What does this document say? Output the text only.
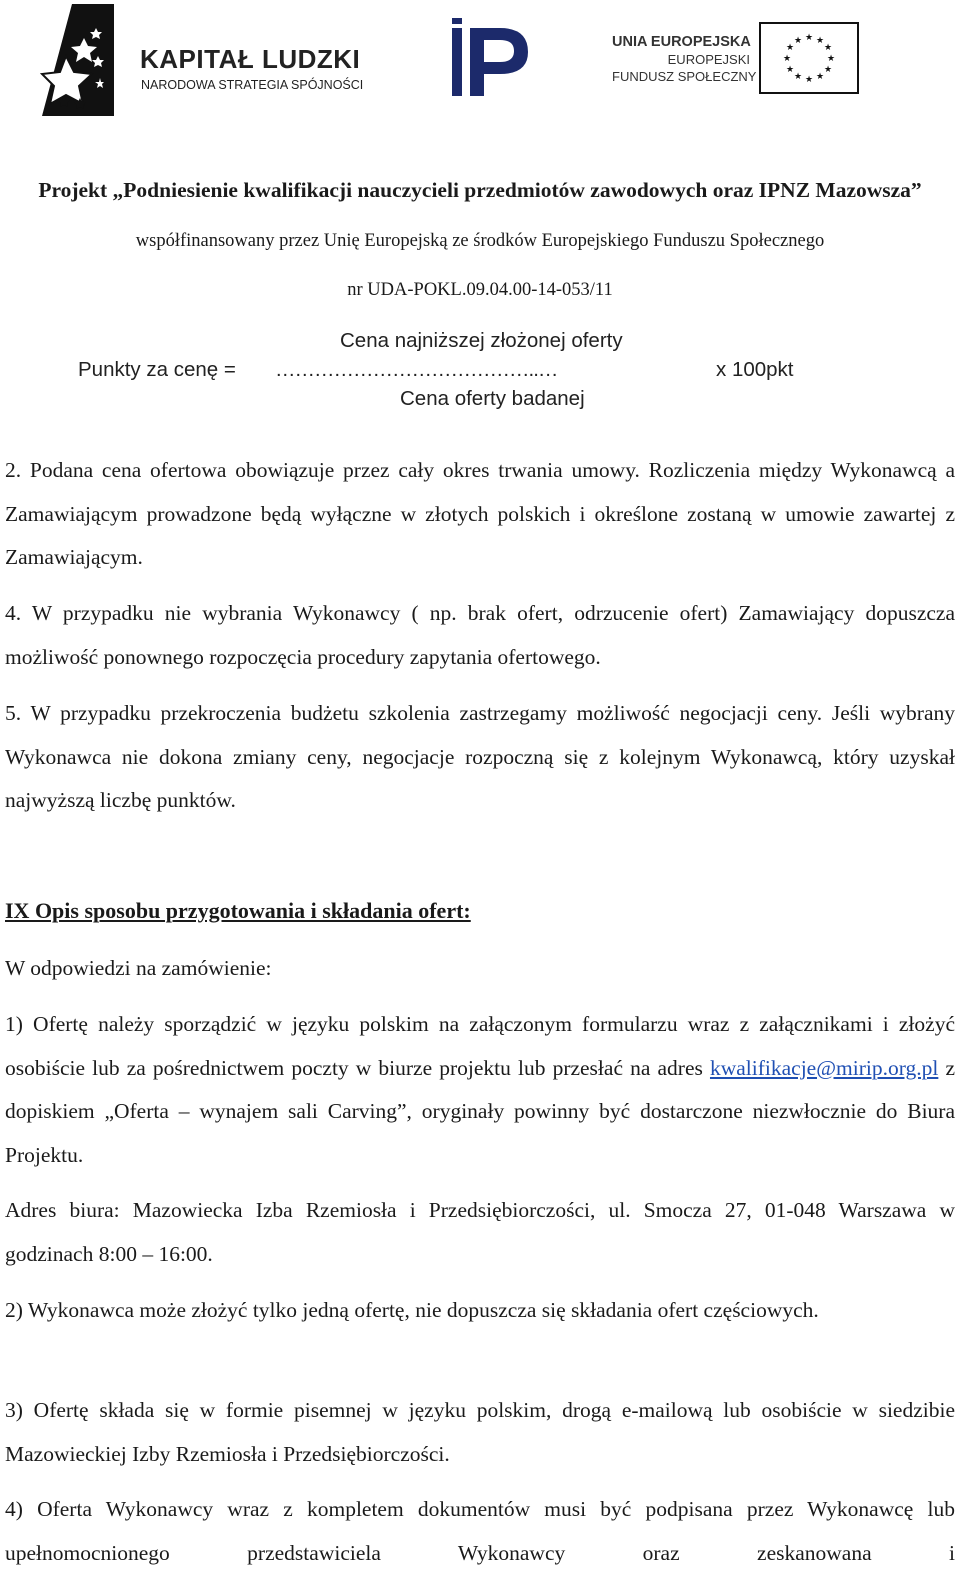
KAPITAŁ LUDZKI
NARODOWA STRATEGIA SPÓJNOŚCI
UNIA EUROPEJSKA
EUROPEJSKI
FUNDUSZ SPOŁECZNY
★ ★
★
★
★
★
★
★
★
★
★
★
Projekt „Podniesienie kwalifikacji nauczycieli przedmiotów zawodowych oraz IPNZ Mazowsza”
współfinansowany przez Unię Europejską ze środków Europejskiego Funduszu Społecznego
nr UDA-POKL.09.04.00-14-053/11
Cena najniższej złożonej oferty
Punkty za cenę = …………………………………..…	x 100pkt
Cena oferty badanej
2. Podana cena ofertowa obowiązuje przez cały okres trwania umowy. Rozliczenia między Wykonawcą a Zamawiającym prowadzone będą wyłączne w złotych polskich i określone zostaną w umowie zawartej z Zamawiającym.
4. W przypadku nie wybrania Wykonawcy ( np. brak ofert, odrzucenie ofert) Zamawiający dopuszcza możliwość ponownego rozpoczęcia procedury zapytania ofertowego.
5. W przypadku przekroczenia budżetu szkolenia zastrzegamy możliwość negocjacji ceny. Jeśli wybrany Wykonawca nie dokona zmiany ceny, negocjacje rozpoczną się z kolejnym Wykonawcą, który uzyskał najwyższą liczbę punktów.
IX Opis sposobu przygotowania i składania ofert:
W odpowiedzi na zamówienie:
1) Ofertę należy sporządzić w języku polskim na załączonym formularzu wraz z załącznikami i złożyć osobiście lub za pośrednictwem poczty w biurze projektu lub przesłać na adres kwalifikacje@mirip.org.pl z dopiskiem „Oferta – wynajem sali Carving”, oryginały powinny być dostarczone niezwłocznie do Biura Projektu.
Adres biura: Mazowiecka Izba Rzemiosła i Przedsiębiorczości, ul. Smocza 27, 01-048 Warszawa w godzinach 8:00 – 16:00.
2) Wykonawca może złożyć tylko jedną ofertę, nie dopuszcza się składania ofert częściowych.
3) Ofertę składa się w formie pisemnej w języku polskim, drogą e-mailową lub osobiście w siedzibie Mazowieckiej Izby Rzemiosła i Przedsiębiorczości.
4) Oferta Wykonawcy wraz z kompletem dokumentów musi być podpisana przez Wykonawcę lub upełnomocnionego przedstawiciela Wykonawcy oraz zeskanowana i
